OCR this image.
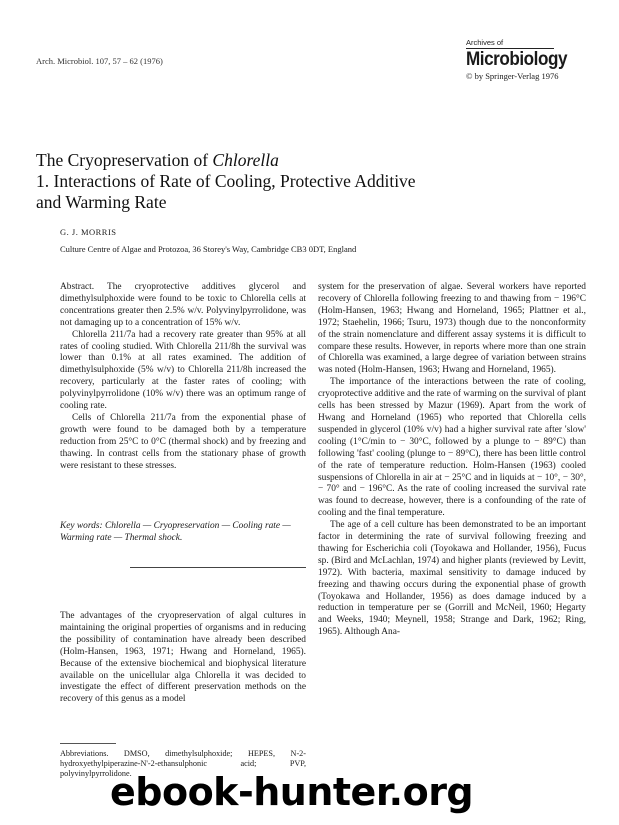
Arch. Microbiol. 107, 57 – 62 (1976)
Archives of
Microbiology
© by Springer-Verlag 1976
The Cryopreservation of Chlorella
1. Interactions of Rate of Cooling, Protective Additive
and Warming Rate
G. J. MORRIS
Culture Centre of Algae and Protozoa, 36 Storey's Way, Cambridge CB3 0DT, England

Abstract. The cryoprotective additives glycerol and dimethylsulphoxide were found to be toxic to Chlorella cells at concentrations greater then 2.5% w/v. Polyvinylpyrrolidone, was not damaging up to a concentration of 15% w/v.

Chlorella 211/7a had a recovery rate greater than 95% at all rates of cooling studied. With Chlorella 211/8h the survival was lower than 0.1% at all rates examined. The addition of dimethylsulphoxide (5% w/v) to Chlorella 211/8h increased the recovery, particularly at the faster rates of cooling; with polyvinylpyrrolidone (10% w/v) there was an optimum range of cooling rate.

Cells of Chlorella 211/7a from the exponential phase of growth were found to be damaged both by a temperature reduction from 25°C to 0°C (thermal shock) and by freezing and thawing. In contrast cells from the stationary phase of growth were resistant to these stresses.

Key words: Chlorella — Cryopreservation — Cooling rate — Warming rate — Thermal shock.

The advantages of the cryopreservation of algal cultures in maintaining the original properties of organisms and in reducing the possibility of contamination have already been described (Holm-Hansen, 1963, 1971; Hwang and Horneland, 1965). Because of the extensive biochemical and biophysical literature available on the unicellular alga Chlorella it was decided to investigate the effect of different preservation methods on the recovery of this genus as a model

Abbreviations. DMSO, dimethylsulphoxide; HEPES, N-2-hydroxyethylpiperazine-N'-2-ethansulphonic acid; PVP, polyvinylpyrrolidone.

system for the preservation of algae. Several workers have reported recovery of Chlorella following freezing to and thawing from − 196°C (Holm-Hansen, 1963; Hwang and Horneland, 1965; Plattner et al., 1972; Staehelin, 1966; Tsuru, 1973) though due to the nonconformity of the strain nomenclature and different assay systems it is difficult to compare these results. However, in reports where more than one strain of Chlorella was examined, a large degree of variation between strains was noted (Holm-Hansen, 1963; Hwang and Horneland, 1965).

The importance of the interactions between the rate of cooling, cryoprotective additive and the rate of warming on the survival of plant cells has been stressed by Mazur (1969). Apart from the work of Hwang and Horneland (1965) who reported that Chlorella cells suspended in glycerol (10% v/v) had a higher survival rate after 'slow' cooling (1°C/min to − 30°C, followed by a plunge to − 89°C) than following 'fast' cooling (plunge to − 89°C), there has been little control of the rate of temperature reduction. Holm-Hansen (1963) cooled suspensions of Chlorella in air at − 25°C and in liquids at − 10°, − 30°, − 70° and − 196°C. As the rate of cooling increased the survival rate was found to decrease, however, there is a confounding of the rate of cooling and the final temperature.

The age of a cell culture has been demonstrated to be an important factor in determining the rate of survival following freezing and thawing for Escherichia coli (Toyokawa and Hollander, 1956), Fucus sp. (Bird and McLachlan, 1974) and higher plants (reviewed by Levitt, 1972). With bacteria, maximal sensitivity to damage induced by freezing and thawing occurs during the exponential phase of growth (Toyokawa and Hollander, 1956) as does damage induced by a reduction in temperature per se (Gorrill and McNeil, 1960; Hegarty and Weeks, 1940; Meynell, 1958; Strange and Dark, 1962; Ring, 1965). Although Ana-

ebook-hunter.org
